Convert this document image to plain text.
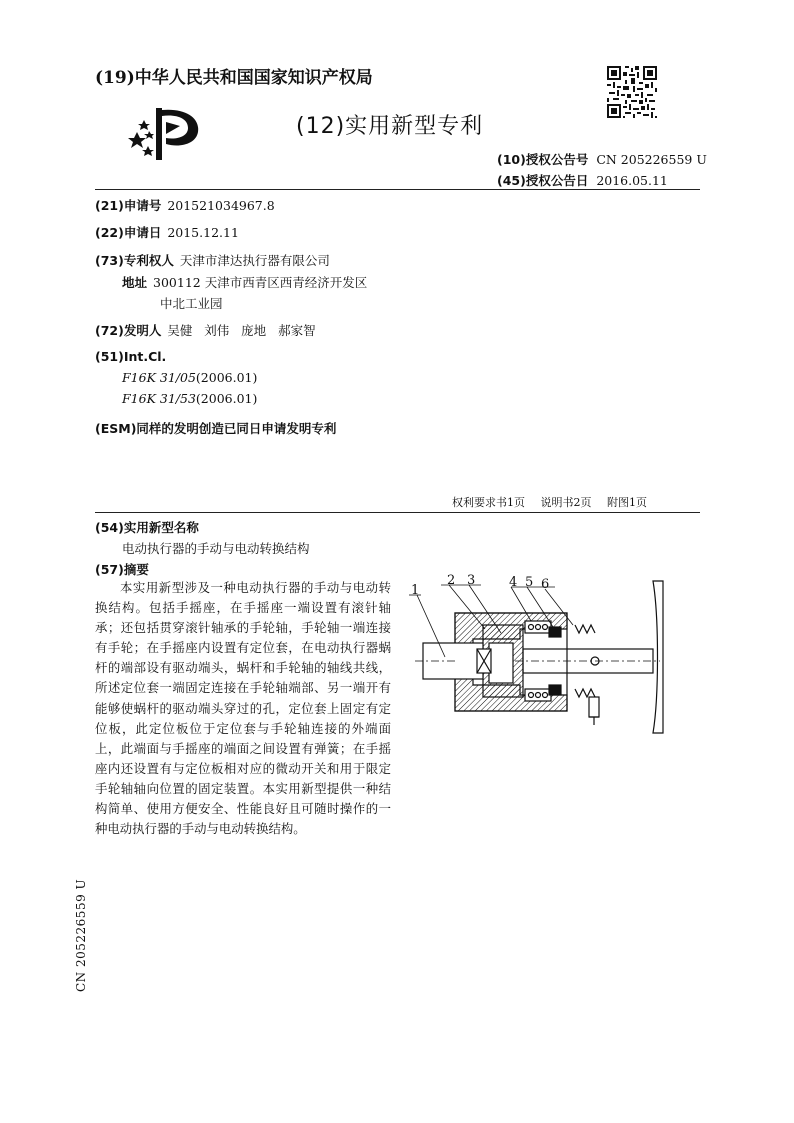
(19)中华人民共和国国家知识产权局
(12)实用新型专利
(10)授权公告号 CN 205226559 U
(45)授权公告日 2016.05.11
(21)申请号 201521034967.8
(22)申请日 2015.12.11
(73)专利权人 天津市津达执行器有限公司
地址 300112 天津市西青区西青经济开发区
中北工业园
(72)发明人 吴健   刘伟   庞地   郝家智
(51)Int.Cl.
F16K 31/05(2006.01)
F16K 31/53(2006.01)
(ESM)同样的发明创造已同日申请发明专利
权利要求书1页 说明书2页 附图1页
(54)实用新型名称
电动执行器的手动与电动转换结构
(57)摘要
本实用新型涉及一种电动执行器的手动与电动转换结构。包括手摇座，在手摇座一端设置有滚针轴承；还包括贯穿滚针轴承的手轮轴，手轮轴一端连接有手轮；在手摇座内设置有定位套，在电动执行器蜗杆的端部设有驱动端头，蜗杆和手轮轴的轴线共线，所述定位套一端固定连接在手轮轴端部、另一端开有能够使蜗杆的驱动端头穿过的孔，定位套上固定有定位板，此定位板位于定位套与手轮轴连接的外端面上，此端面与手摇座的端面之间设置有弹簧；在手摇座内还设置有与定位板相对应的微动开关和用于限定手轮轴轴向位置的固定装置。本实用新型提供一种结构简单、使用方便安全、性能良好且可随时操作的一种电动执行器的手动与电动转换结构。
1
2 3	4 5 6
CN 205226559 U
